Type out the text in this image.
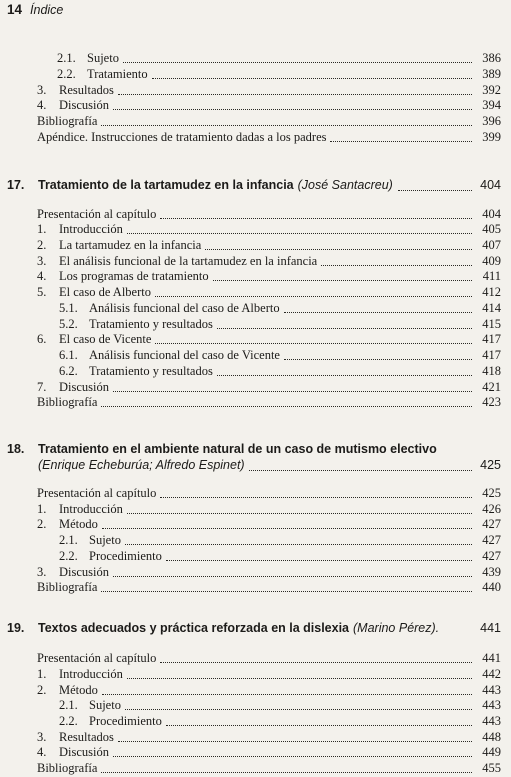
14 Índice
2.1. Sujeto	386
2.2. Tratamiento	389
3.	Resultados	392
4.	Discusión	394
Bibliografía	396
Apéndice. Instrucciones de tratamiento dadas a los padres	399
17.	Tratamiento de la tartamudez en la infancia (José Santacreu)	404
Presentación al capítulo	404
1.	Introducción	405
2.	La tartamudez en la infancia	407
3.	El análisis funcional de la tartamudez en la infancia	409
4.	Los programas de tratamiento	411
5.	El caso de Alberto	412
5.1. Análisis funcional del caso de Alberto	414
5.2. Tratamiento y resultados	415
6.	El caso de Vicente	417
6.1. Análisis funcional del caso de Vicente	417
6.2. Tratamiento y resultados	418
7.	Discusión	421
Bibliografía	423
18.	Tratamiento en el ambiente natural de un caso de mutismo electivo
(Enrique Echeburúa; Alfredo Espinet)	425
Presentación al capítulo	425
1.	Introducción	426
2.	Método	427
2.1. Sujeto	427
2.2. Procedimiento	427
3.	Discusión	439
Bibliografía	440
19.	Textos adecuados y práctica reforzada en la dislexia (Marino Pérez).	441
Presentación al capítulo	441
1.	Introducción	442
2.	Método	443
2.1. Sujeto	443
2.2. Procedimiento	443
3.	Resultados	448
4.	Discusión	449
Bibliografía	455
